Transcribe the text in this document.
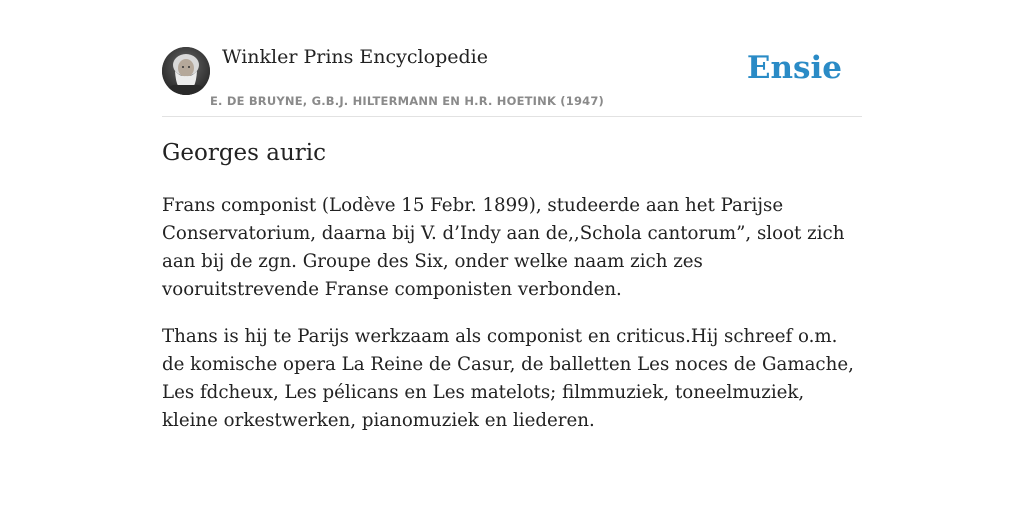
Winkler Prins Encyclopedie
E. DE BRUYNE, G.B.J. HILTERMANN EN H.R. HOETINK (1947)
Ensie
Georges auric

Frans componist (Lodève 15 Febr. 1899), studeerde aan het Parijse Conservatorium, daarna bij V. d’Indy aan de,,Schola cantorum”, sloot zich aan bij de zgn. Groupe des Six, onder welke naam zich zes vooruitstrevende Franse componisten verbonden.

Thans is hij te Parijs werkzaam als componist en criticus.Hij schreef o.m. de komische opera La Reine de Casur, de balletten Les noces de Gamache, Les fdcheux, Les pélicans en Les matelots; filmmuziek, toneelmuziek, kleine orkestwerken, pianomuziek en liederen.
